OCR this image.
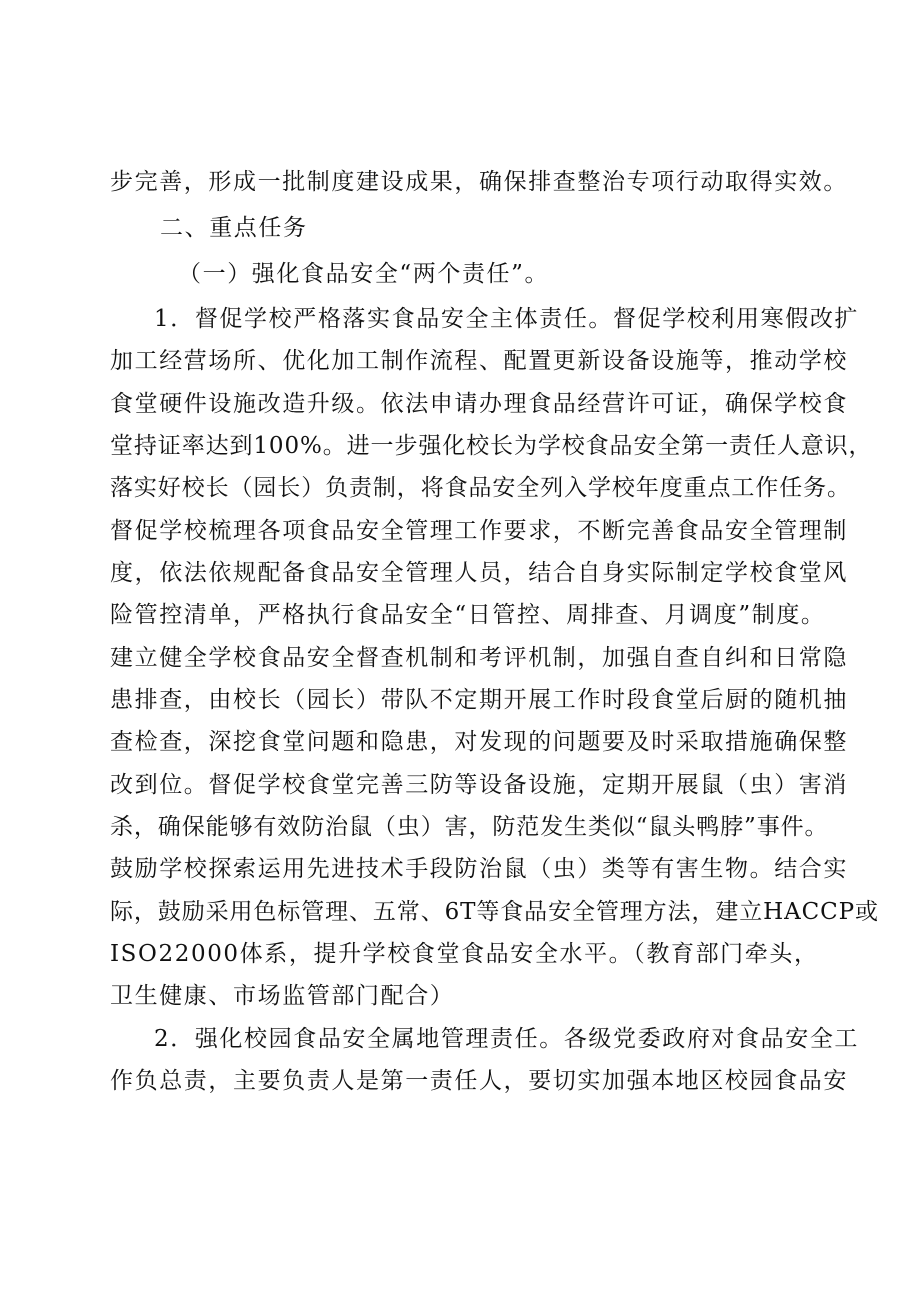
步完善，形成一批制度建设成果，确保排查整治专项行动取得实效。
二、重点任务
（一）强化食品安全“两个责任”。
1．督促学校严格落实食品安全主体责任。督促学校利用寒假改扩
加工经营场所、优化加工制作流程、配置更新设备设施等，推动学校
食堂硬件设施改造升级。依法申请办理食品经营许可证，确保学校食
堂持证率达到100%。进一步强化校长为学校食品安全第一责任人意识，
落实好校长（园长）负责制，将食品安全列入学校年度重点工作任务。
督促学校梳理各项食品安全管理工作要求，不断完善食品安全管理制
度，依法依规配备食品安全管理人员，结合自身实际制定学校食堂风
险管控清单，严格执行食品安全“日管控、周排查、月调度”制度。
建立健全学校食品安全督查机制和考评机制，加强自查自纠和日常隐
患排查，由校长（园长）带队不定期开展工作时段食堂后厨的随机抽
查检查，深挖食堂问题和隐患，对发现的问题要及时采取措施确保整
改到位。督促学校食堂完善三防等设备设施，定期开展鼠（虫）害消
杀，确保能够有效防治鼠（虫）害，防范发生类似“鼠头鸭脖”事件。
鼓励学校探索运用先进技术手段防治鼠（虫）类等有害生物。结合实
际，鼓励采用色标管理、五常、6T等食品安全管理方法，建立HACCP或
ISO22000体系，提升学校食堂食品安全水平。（教育部门牵头，
卫生健康、市场监管部门配合）
2．强化校园食品安全属地管理责任。各级党委政府对食品安全工
作负总责，主要负责人是第一责任人，要切实加强本地区校园食品安
